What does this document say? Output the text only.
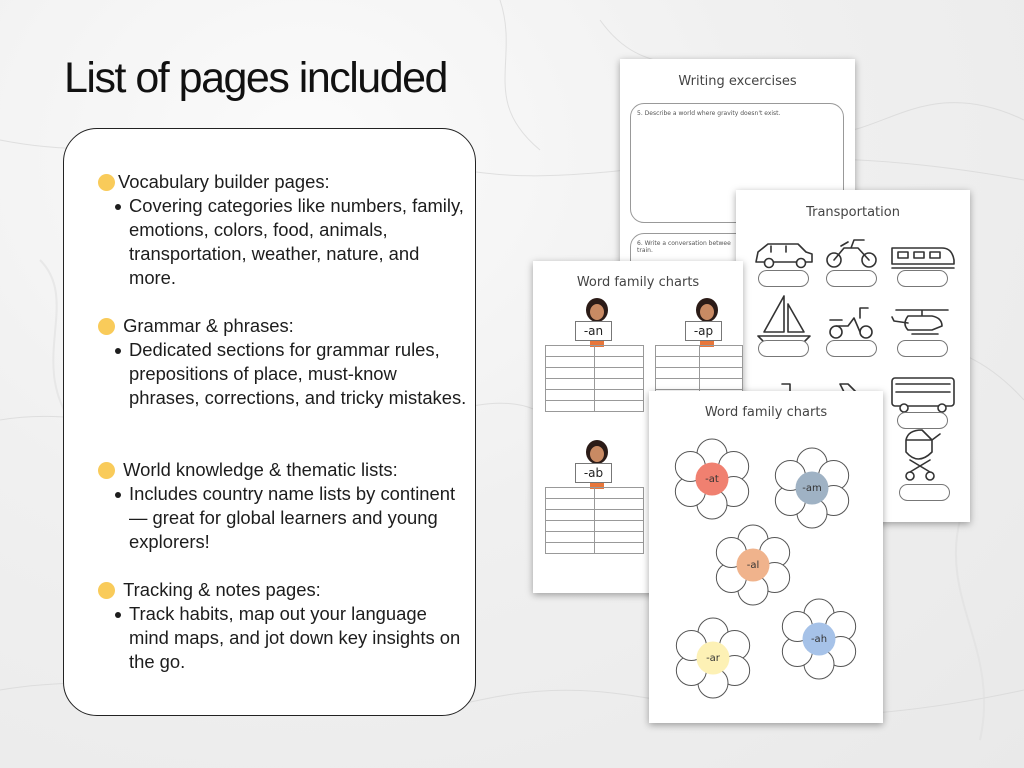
List of pages included
Vocabulary builder pages:
Covering categories like numbers, family, emotions, colors, food, animals, transportation, weather, nature, and more.

Grammar & phrases:
Dedicated sections for grammar rules, prepositions of place, must-know phrases, corrections, and tricky mistakes.

World knowledge & thematic lists:
Includes country name lists by continent — great for global learners and young explorers!

Tracking & notes pages:
Track habits, map out your language mind maps, and jot down key insights on the go.
Writing excercises
5. Describe a world where gravity doesn't exist.
6. Write a conversation betwee
train.
Transportation
Word family charts
-an	-ap

-ab

Word family charts
-at
-am
-al
-ar
-ah
